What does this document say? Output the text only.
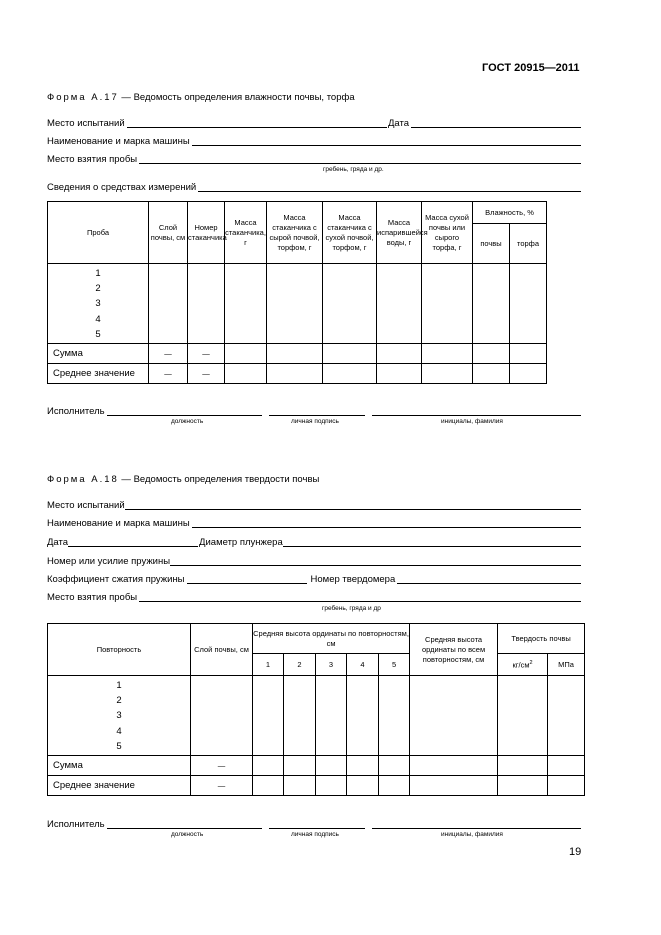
ГОСТ 20915—2011
Форма А.17 — Ведомость определения влажности почвы, торфа
Место испытаний	Дата
Наименование и марка машины
Место взятия пробы
гребень, гряда и др.
Сведения о средствах измерений
Проба	Слой почвы, см	Номер стаканчика	Масса стаканчика, г	Масса стаканчика с сырой почвой, торфом, г	Масса стаканчика с сухой почвой, торфом, г	Масса испарившейся воды, г	Масса сухой почвы или сырого торфа, г	Влажность, %	
								почвы	торфа

1
2
3
4
5									

Сумма	—	—							
Среднее значение	—	—							
Исполнитель
должность	личная подпись	инициалы, фамилия
Форма А.18 — Ведомость определения твердости почвы
Место испытаний
Наименование и марка машины
Дата	Диаметр плунжера
Номер или усилие пружины
Коэффициент сжатия пружины	Номер твердомера
Место взятия пробы
гребень, гряда и др
Повторность	Слой почвы, см	Средняя высота ординаты по повторностям, см					Средняя высота ординаты по всем повторностям, см	Твердость почвы	
		1	2	3	4	5		$кг/см^2$	МПа

1
2
3
4
5									

Сумма	—								
Среднее значение	—								
Исполнитель
должность	личная подпись	инициалы, фамилия
19
